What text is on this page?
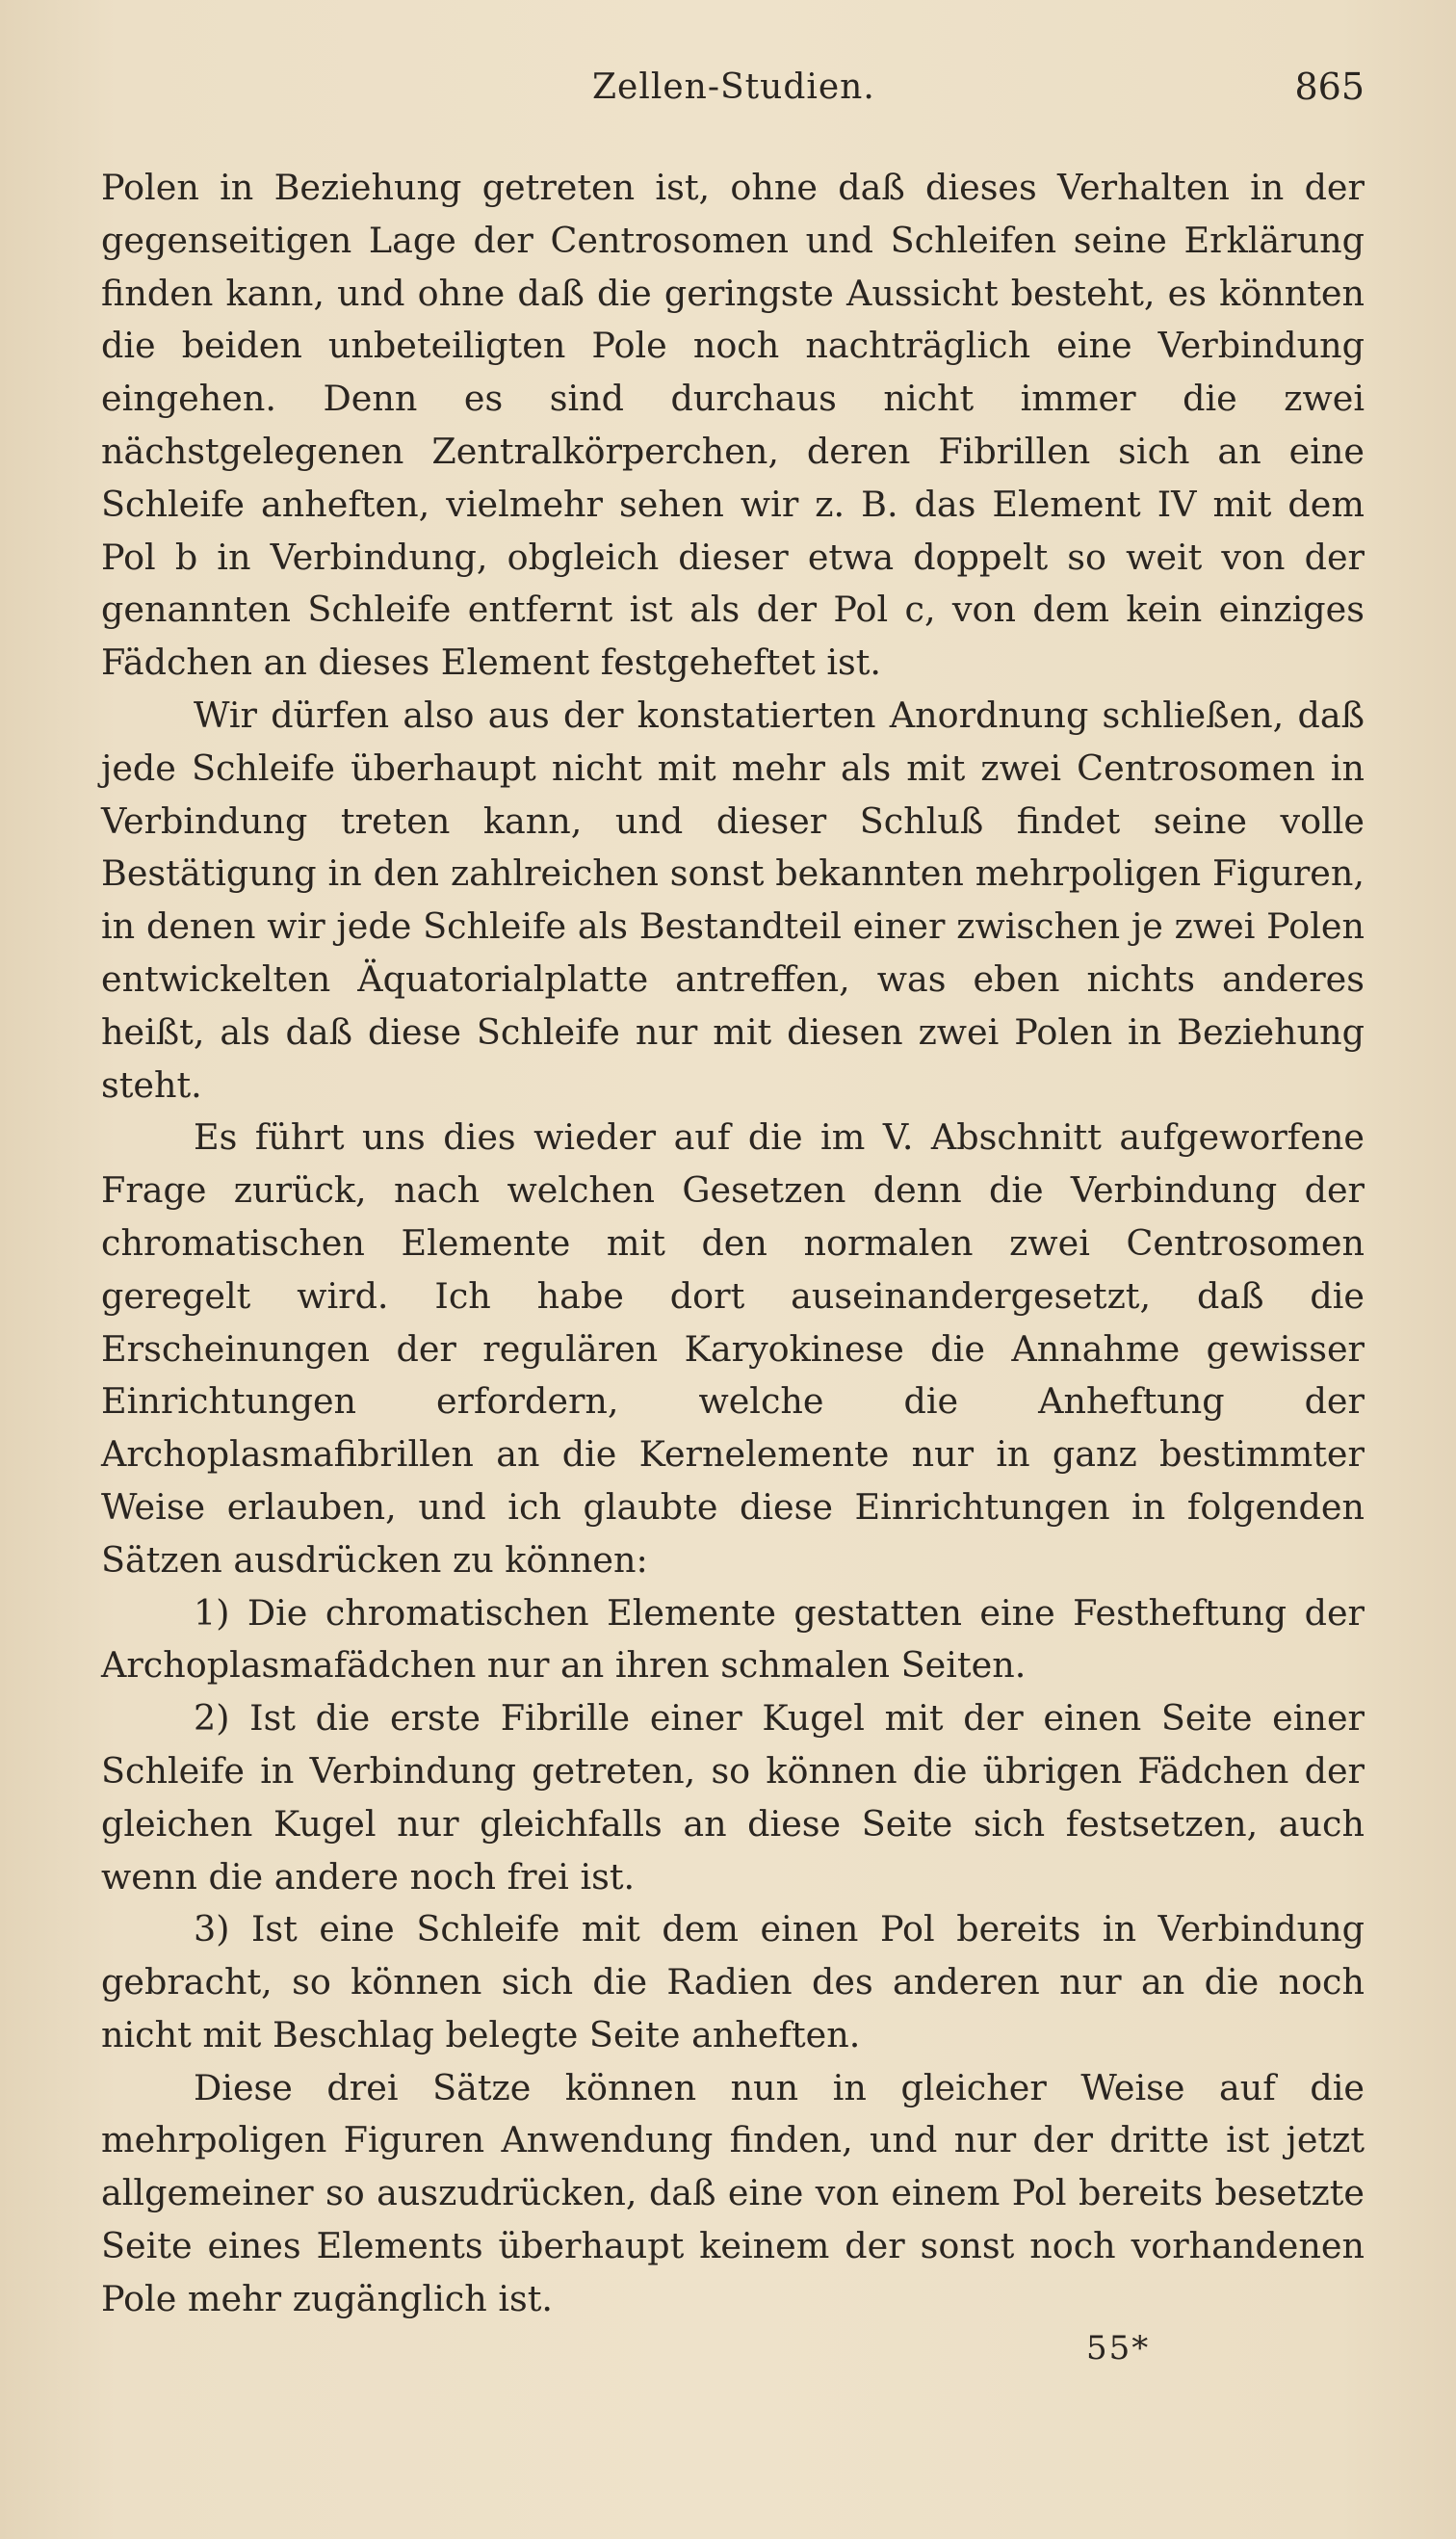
Zellen-Studien.	865

Polen in Beziehung getreten ist, ohne daß dieses Verhalten in der gegenseitigen Lage der Centrosomen und Schleifen seine Erklärung finden kann, und ohne daß die geringste Aussicht besteht, es könnten die beiden unbeteiligten Pole noch nachträglich eine Verbindung eingehen. Denn es sind durchaus nicht immer die zwei nächstgelegenen Zentralkörperchen, deren Fibrillen sich an eine Schleife anheften, vielmehr sehen wir z. B. das Element IV mit dem Pol b in Verbindung, obgleich dieser etwa doppelt so weit von der genannten Schleife entfernt ist als der Pol c, von dem kein einziges Fädchen an dieses Element festgeheftet ist.

Wir dürfen also aus der konstatierten Anordnung schließen, daß jede Schleife überhaupt nicht mit mehr als mit zwei Centrosomen in Verbindung treten kann, und dieser Schluß findet seine volle Bestätigung in den zahlreichen sonst bekannten mehrpoligen Figuren, in denen wir jede Schleife als Bestandteil einer zwischen je zwei Polen entwickelten Äquatorialplatte antreffen, was eben nichts anderes heißt, als daß diese Schleife nur mit diesen zwei Polen in Beziehung steht.

Es führt uns dies wieder auf die im V. Abschnitt aufgeworfene Frage zurück, nach welchen Gesetzen denn die Verbindung der chromatischen Elemente mit den normalen zwei Centrosomen geregelt wird. Ich habe dort auseinandergesetzt, daß die Erscheinungen der regulären Karyokinese die Annahme gewisser Einrichtungen erfordern, welche die Anheftung der Archoplasmafibrillen an die Kernelemente nur in ganz bestimmter Weise erlauben, und ich glaubte diese Einrichtungen in folgenden Sätzen ausdrücken zu können:

1) Die chromatischen Elemente gestatten eine Festheftung der Archoplasmafädchen nur an ihren schmalen Seiten.

2) Ist die erste Fibrille einer Kugel mit der einen Seite einer Schleife in Verbindung getreten, so können die übrigen Fädchen der gleichen Kugel nur gleichfalls an diese Seite sich festsetzen, auch wenn die andere noch frei ist.

3) Ist eine Schleife mit dem einen Pol bereits in Verbindung gebracht, so können sich die Radien des anderen nur an die noch nicht mit Beschlag belegte Seite anheften.

Diese drei Sätze können nun in gleicher Weise auf die mehrpoligen Figuren Anwendung finden, und nur der dritte ist jetzt allgemeiner so auszudrücken, daß eine von einem Pol bereits besetzte Seite eines Elements überhaupt keinem der sonst noch vorhandenen Pole mehr zugänglich ist.

55*
